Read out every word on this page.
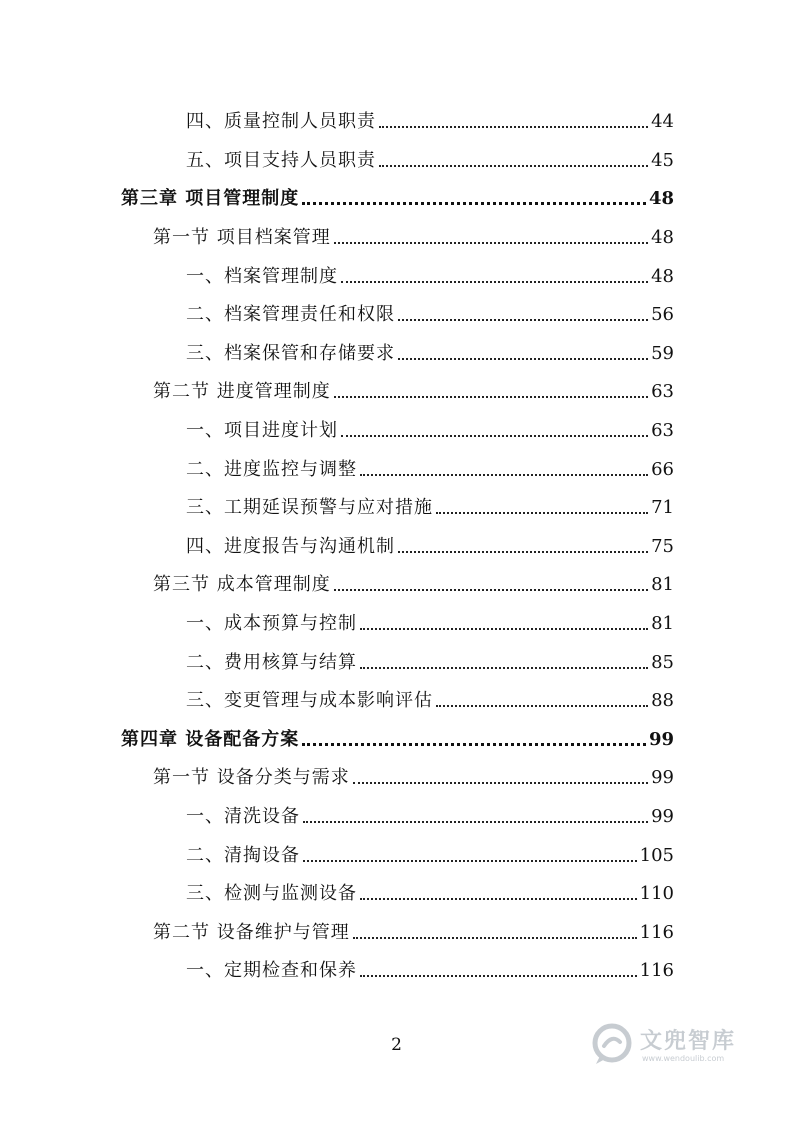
四、质量控制人员职责	44
五、项目支持人员职责	45
第三章 项目管理制度	48
第一节 项目档案管理	48
一、档案管理制度	48
二、档案管理责任和权限	56
三、档案保管和存储要求	59
第二节 进度管理制度	63
一、项目进度计划	63
二、进度监控与调整	66
三、工期延误预警与应对措施	71
四、进度报告与沟通机制	75
第三节 成本管理制度	81
一、成本预算与控制	81
二、费用核算与结算	85
三、变更管理与成本影响评估	88
第四章 设备配备方案	99
第一节 设备分类与需求	99
一、清洗设备	99
二、清掏设备	105
三、检测与监测设备	110
第二节 设备维护与管理	116
一、定期检查和保养	116
2	文兜智库
www.wendoulib.com
